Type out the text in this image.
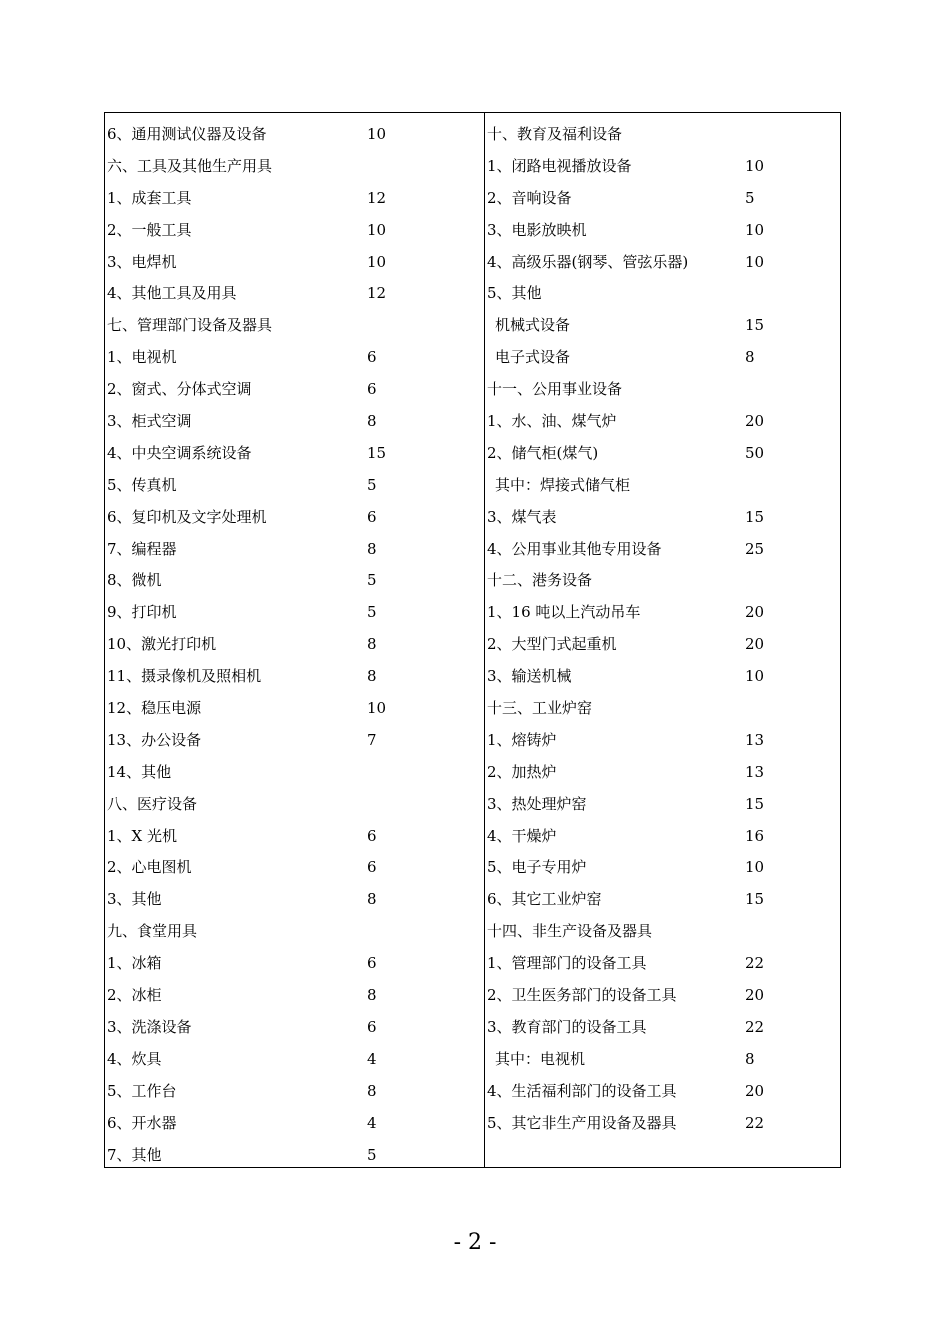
6、通用测试仪器及设备	10
六、工具及其他生产用具
1、成套工具	12
2、一般工具	10
3、电焊机	10
4、其他工具及用具	12
七、管理部门设备及器具
1、电视机	6
2、窗式、分体式空调	6
3、柜式空调	8
4、中央空调系统设备	15
5、传真机	5
6、复印机及文字处理机	6
7、编程器	8
8、微机	5
9、打印机	5
10、激光打印机	8
11、摄录像机及照相机	8
12、稳压电源	10
13、办公设备	7
14、其他
八、医疗设备
1、X 光机	6
2、心电图机	6
3、其他	8
九、食堂用具
1、冰箱	6
2、冰柜	8
3、洗涤设备	6
4、炊具	4
5、工作台	8
6、开水器	4
7、其他	5
十、教育及福利设备
1、闭路电视播放设备	10
2、音响设备	5
3、电影放映机	10
4、高级乐器(钢琴、管弦乐器)	10
5、其他
机械式设备	15
电子式设备	8
十一、公用事业设备
1、水、油、煤气炉	20
2、储气柜(煤气)	50
其中：焊接式储气柜
3、煤气表	15
4、公用事业其他专用设备	25
十二、港务设备
1、16 吨以上汽动吊车	20
2、大型门式起重机	20
3、输送机械	10
十三、工业炉窑
1、熔铸炉	13
2、加热炉	13
3、热处理炉窑	15
4、干燥炉	16
5、电子专用炉	10
6、其它工业炉窑	15
十四、非生产设备及器具
1、管理部门的设备工具	22
2、卫生医务部门的设备工具	20
3、教育部门的设备工具	22
其中：电视机	8
4、生活福利部门的设备工具	20
5、其它非生产用设备及器具	22
- 2 -
